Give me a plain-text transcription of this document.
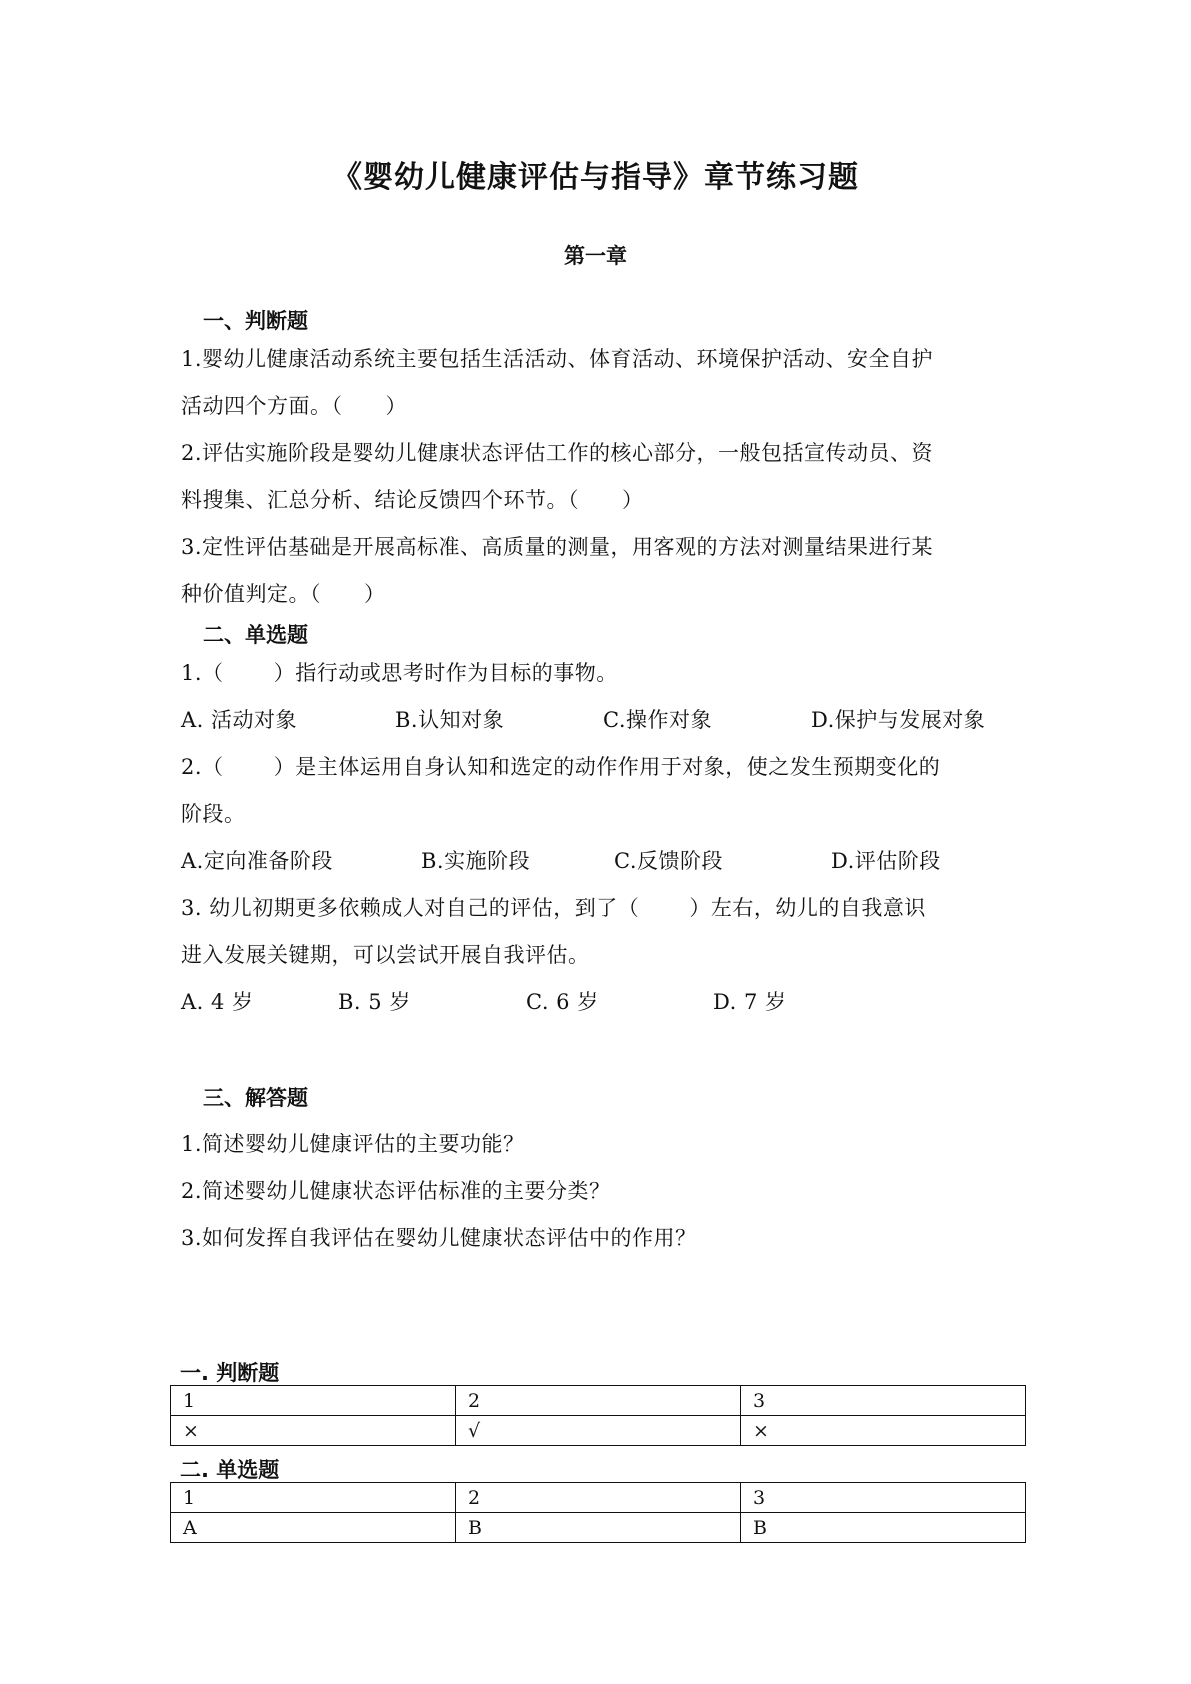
《婴幼儿健康评估与指导》章节练习题
第一章
一、判断题
1.婴幼儿健康活动系统主要包括生活活动、体育活动、环境保护活动、安全自护
活动四个方面。（　　）
2.评估实施阶段是婴幼儿健康状态评估工作的核心部分，一般包括宣传动员、资
料搜集、汇总分析、结论反馈四个环节。（　　）
3.定性评估基础是开展高标准、高质量的测量，用客观的方法对测量结果进行某
种价值判定。（　　）
二、单选题
1.（　　 ）指行动或思考时作为目标的事物。
A. 活动对象	B.认知对象	C.操作对象	D.保护与发展对象
2.（　　 ）是主体运用自身认知和选定的动作作用于对象，使之发生预期变化的
阶段。
A.定向准备阶段	B.实施阶段	C.反馈阶段	D.评估阶段
3. 幼儿初期更多依赖成人对自己的评估，到了（　　 ）左右，幼儿的自我意识
进入发展关键期，可以尝试开展自我评估。
A. 4 岁	B. 5 岁	C. 6 岁	D. 7 岁
三、解答题
1.简述婴幼儿健康评估的主要功能？
2.简述婴幼儿健康状态评估标准的主要分类？
3.如何发挥自我评估在婴幼儿健康状态评估中的作用？
一. 判断题
1	2	3
×	√	×
二. 单选题
1	2	3
A	B	B
